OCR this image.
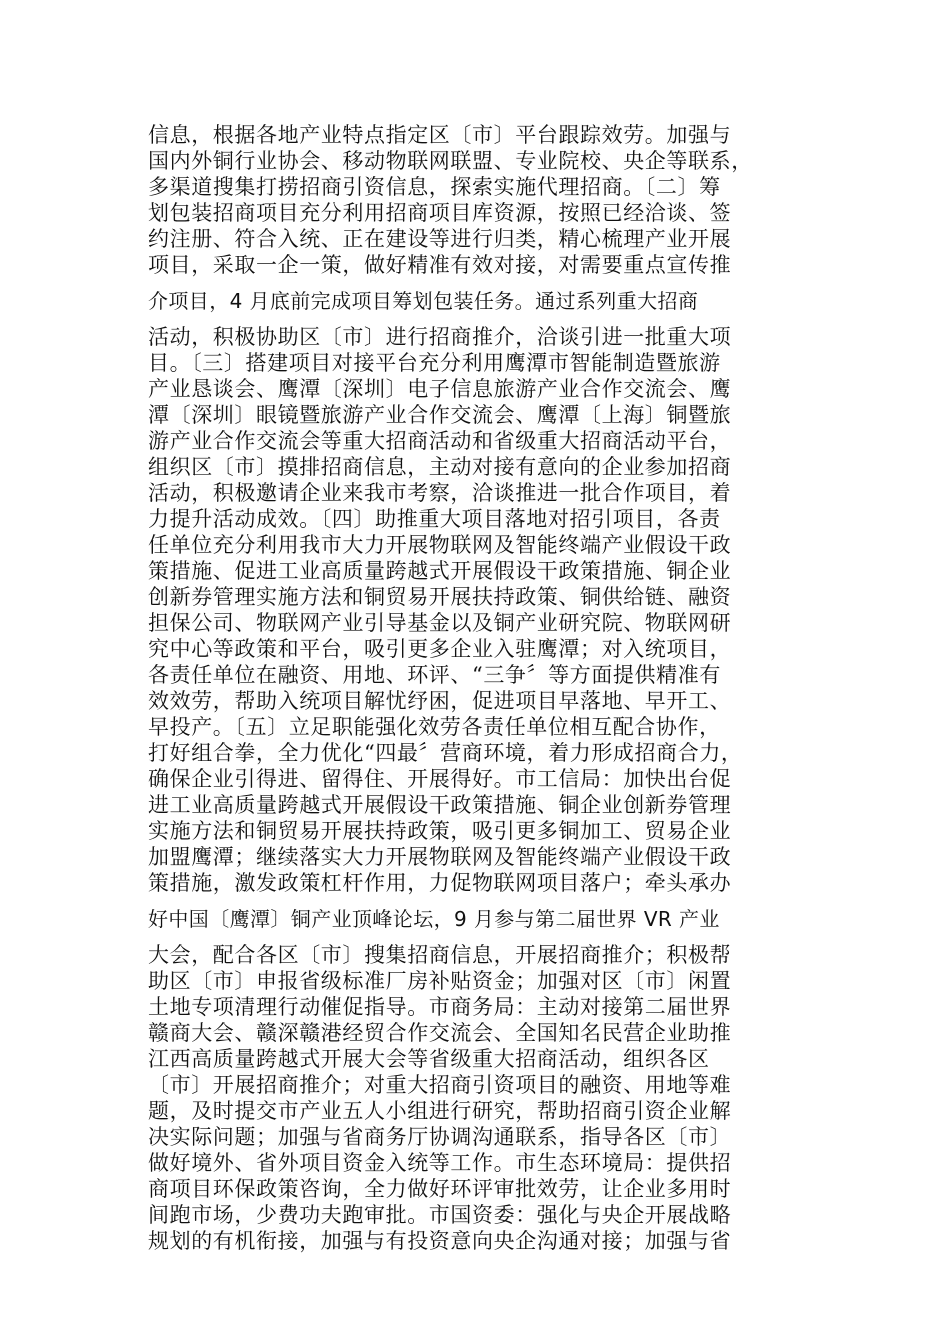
信息，根据各地产业特点指定区〔市〕平台跟踪效劳。加强与
国内外铜行业协会、移动物联网联盟、专业院校、央企等联系，
多渠道搜集打捞招商引资信息，探索实施代理招商。〔二〕筹
划包装招商项目充分利用招商项目库资源，按照已经洽谈、签
约注册、符合入统、正在建设等进行归类，精心梳理产业开展
项目，采取一企一策，做好精准有效对接，对需要重点宣传推
介项目，4 月底前完成项目筹划包装任务。通过系列重大招商
活动，积极协助区〔市〕进行招商推介，洽谈引进一批重大项
目。〔三〕搭建项目对接平台充分利用鹰潭市智能制造暨旅游
产业恳谈会、鹰潭〔深圳〕电子信息旅游产业合作交流会、鹰
潭〔深圳〕眼镜暨旅游产业合作交流会、鹰潭〔上海〕铜暨旅
游产业合作交流会等重大招商活动和省级重大招商活动平台，
组织区〔市〕摸排招商信息，主动对接有意向的企业参加招商
活动，积极邀请企业来我市考察，洽谈推进一批合作项目，着
力提升活动成效。〔四〕助推重大项目落地对招引项目，各责
任单位充分利用我市大力开展物联网及智能终端产业假设干政
策措施、促进工业高质量跨越式开展假设干政策措施、铜企业
创新券管理实施方法和铜贸易开展扶持政策、铜供给链、融资
担保公司、物联网产业引导基金以及铜产业研究院、物联网研
究中心等政策和平台，吸引更多企业入驻鹰潭；对入统项目，
各责任单位在融资、用地、环评、“三争〞等方面提供精准有
效效劳，帮助入统项目解忧纾困，促进项目早落地、早开工、
早投产。〔五〕立足职能强化效劳各责任单位相互配合协作，
打好组合拳，全力优化“四最〞营商环境，着力形成招商合力，
确保企业引得进、留得住、开展得好。市工信局：加快出台促
进工业高质量跨越式开展假设干政策措施、铜企业创新券管理
实施方法和铜贸易开展扶持政策，吸引更多铜加工、贸易企业
加盟鹰潭；继续落实大力开展物联网及智能终端产业假设干政
策措施，激发政策杠杆作用，力促物联网项目落户；牵头承办
好中国〔鹰潭〕铜产业顶峰论坛，9 月参与第二届世界 VR 产业
大会，配合各区〔市〕搜集招商信息，开展招商推介；积极帮
助区〔市〕申报省级标准厂房补贴资金；加强对区〔市〕闲置
土地专项清理行动催促指导。市商务局：主动对接第二届世界
赣商大会、赣深赣港经贸合作交流会、全国知名民营企业助推
江西高质量跨越式开展大会等省级重大招商活动，组织各区
〔市〕开展招商推介；对重大招商引资项目的融资、用地等难
题，及时提交市产业五人小组进行研究，帮助招商引资企业解
决实际问题；加强与省商务厅协调沟通联系，指导各区〔市〕
做好境外、省外项目资金入统等工作。市生态环境局：提供招
商项目环保政策咨询，全力做好环评审批效劳，让企业多用时
间跑市场，少费功夫跑审批。市国资委：强化与央企开展战略
规划的有机衔接，加强与有投资意向央企沟通对接；加强与省
